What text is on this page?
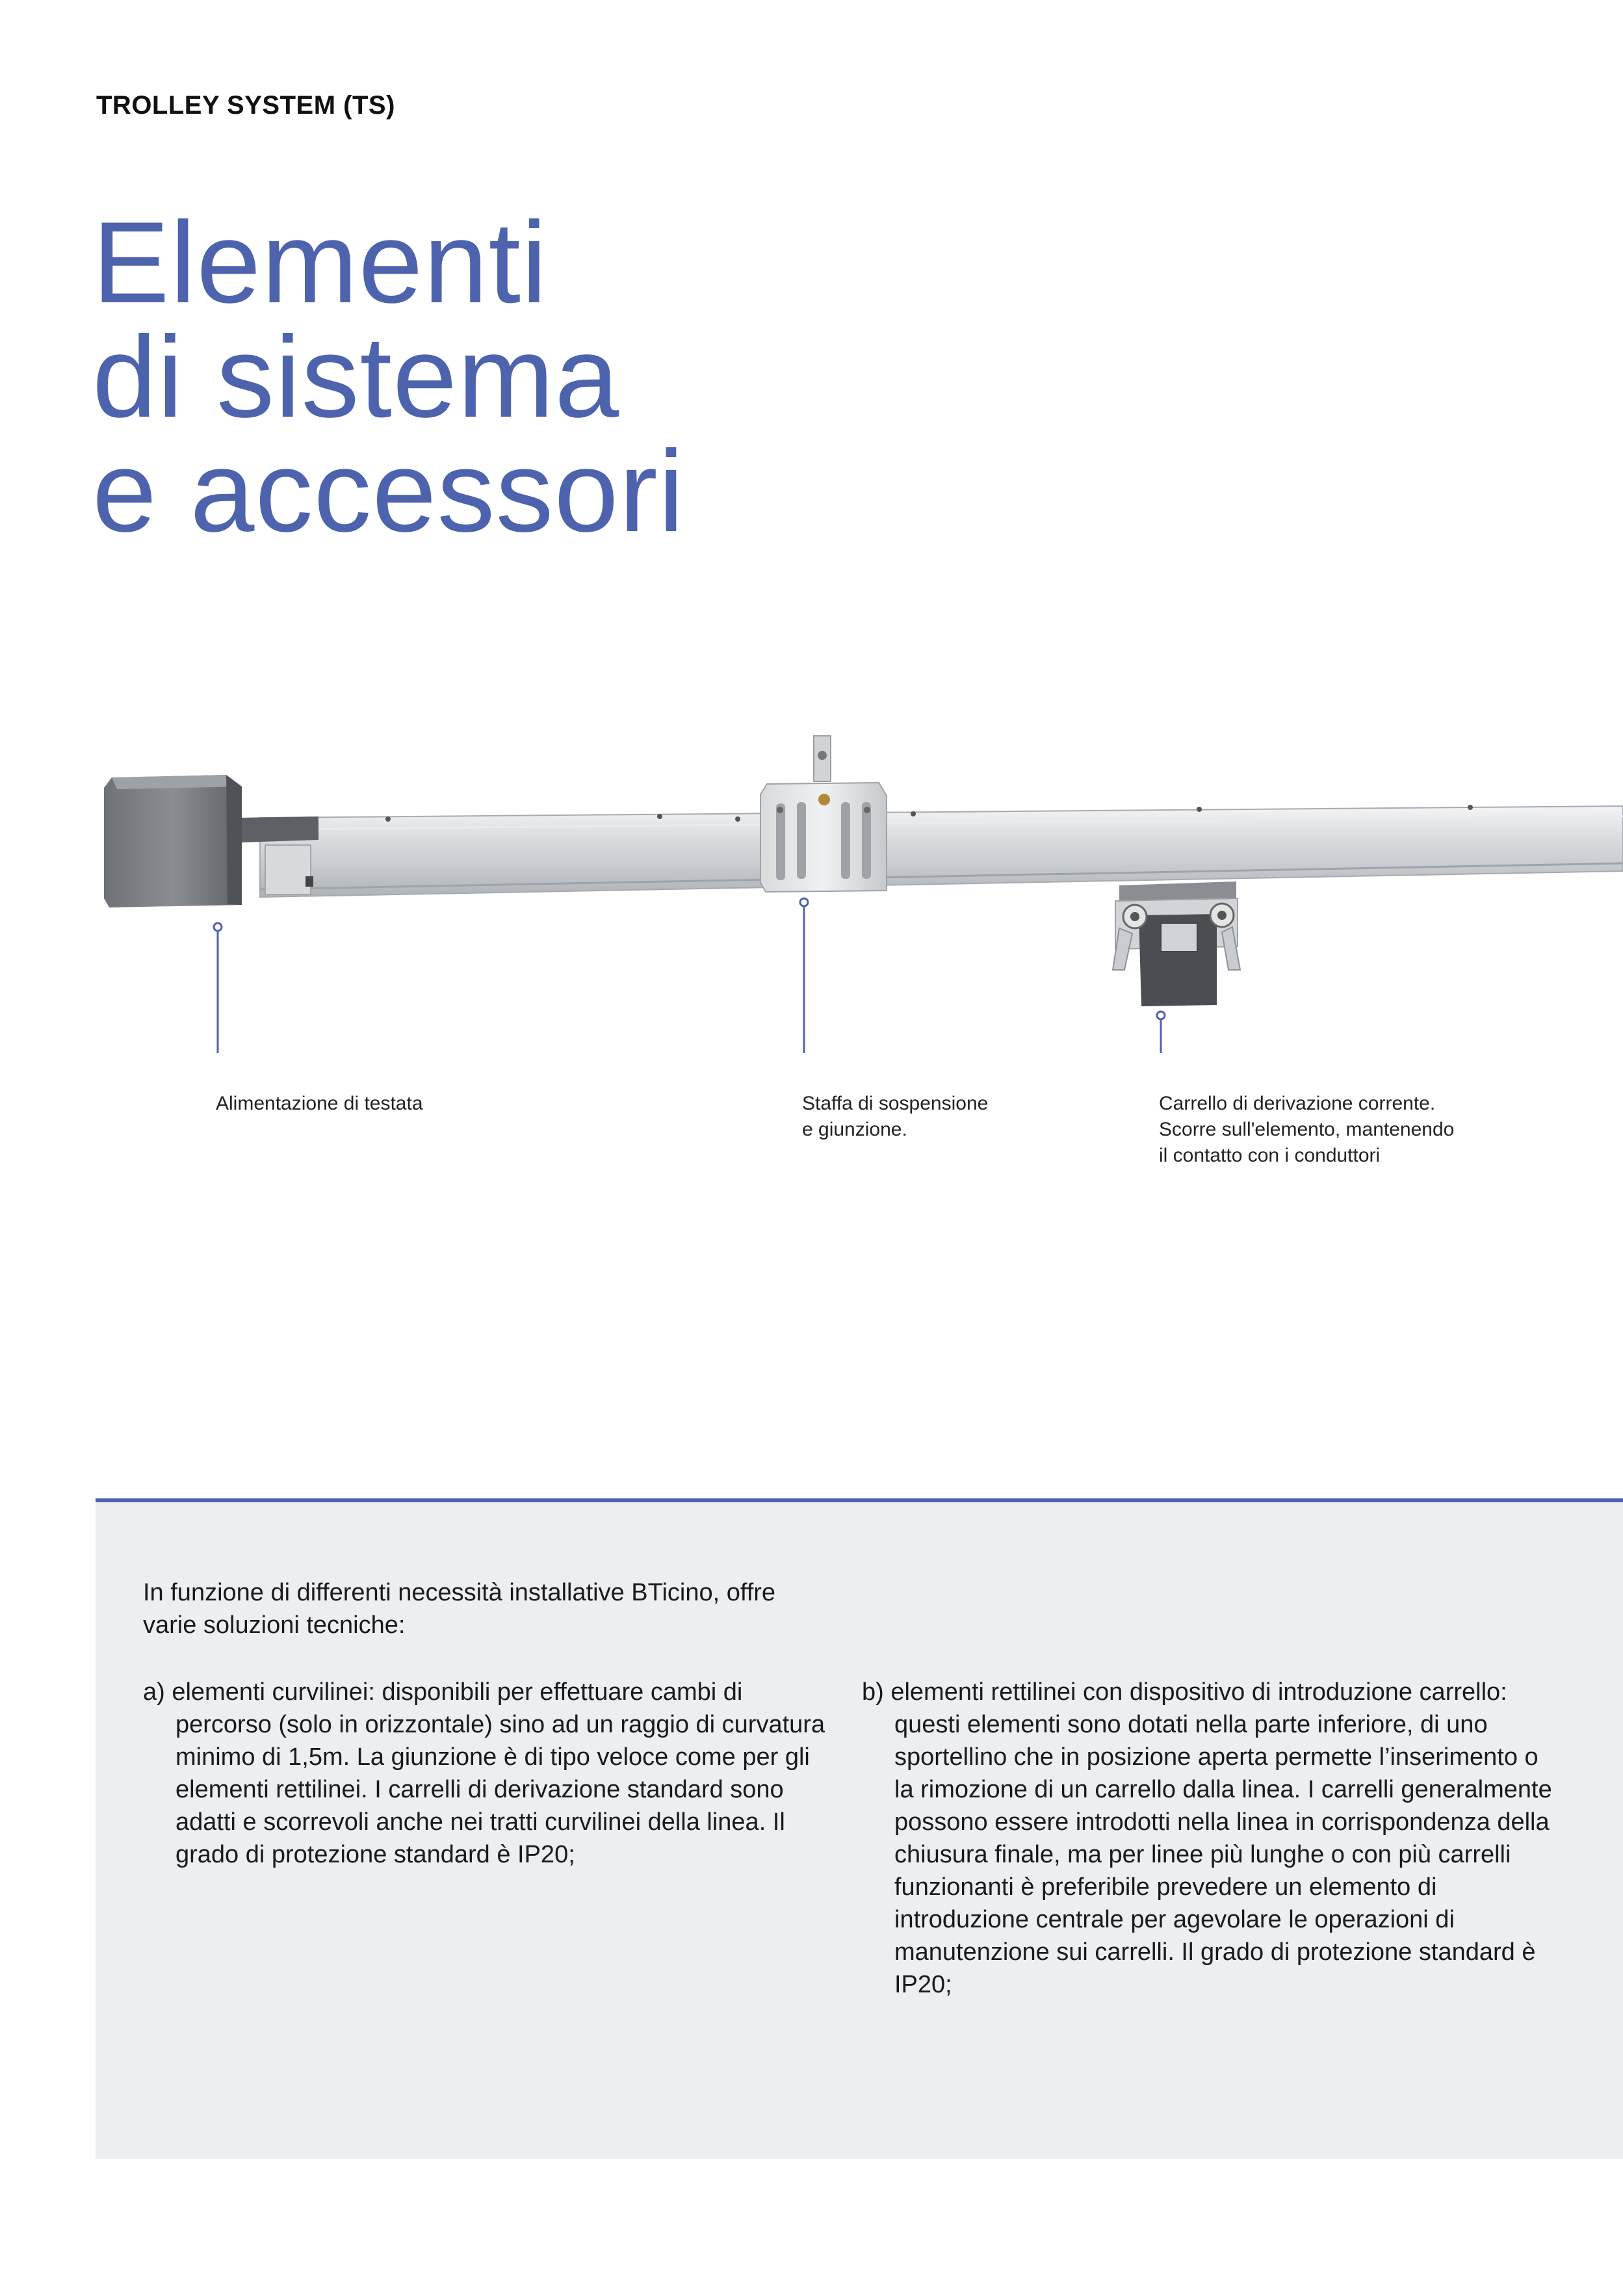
TROLLEY SYSTEM (TS)
Elementi
di sistema
e accessori
Alimentazione di testata	Staffa di sospensione e giunzione.
Carrello di derivazione corrente. Scorre sull'elemento, mantenendo il contatto con i conduttori
In funzione di differenti necessità installative BTicino, offre varie soluzioni tecniche:
a) elementi curvilinei: disponibili per effettuare cambi di percorso (solo in orizzontale) sino ad un raggio di curvatura minimo di 1,5m. La giunzione è di tipo veloce come per gli elementi rettilinei. I carrelli di derivazione standard sono adatti e scorrevoli anche nei tratti curvilinei della linea. Il grado di protezione standard è IP20;
b) elementi rettilinei con dispositivo di introduzione carrello: questi elementi sono dotati nella parte inferiore, di uno sportellino che in posizione aperta permette l’inserimento o la rimozione di un carrello dalla linea. I carrelli generalmente possono essere introdotti nella linea in corrispondenza della chiusura finale, ma per linee più lunghe o con più carrelli funzionanti è preferibile prevedere un elemento di introduzione centrale per agevolare le operazioni di manutenzione sui carrelli. Il grado di protezione standard è IP20;
